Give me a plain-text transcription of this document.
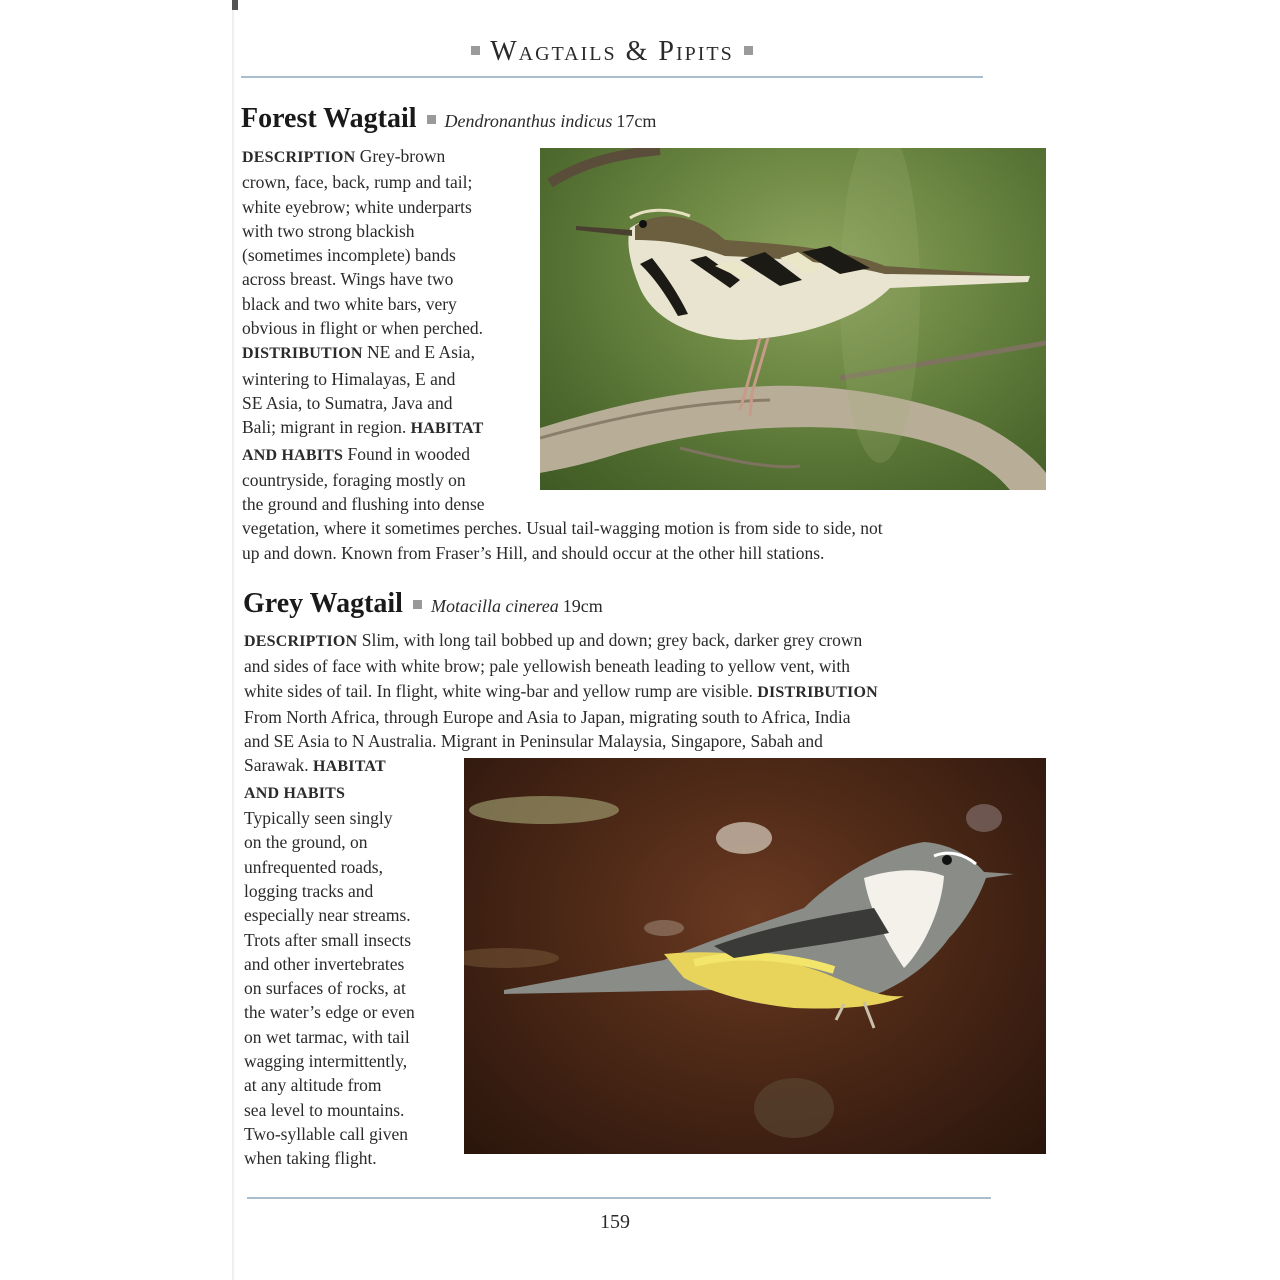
Wagtails & Pipits
Forest Wagtail Dendronanthus indicus 17cm
DESCRIPTION Grey-brown
crown, face, back, rump and tail;
white eyebrow; white underparts
with two strong blackish
(sometimes incomplete) bands
across breast. Wings have two
black and two white bars, very
obvious in flight or when perched.
DISTRIBUTION NE and E Asia,
wintering to Himalayas, E and
SE Asia, to Sumatra, Java and
Bali; migrant in region. HABITAT
AND HABITS Found in wooded
countryside, foraging mostly on
the ground and flushing into dense
vegetation, where it sometimes perches. Usual tail-wagging motion is from side to side, not
up and down. Known from Fraser’s Hill, and should occur at the other hill stations.
Grey Wagtail Motacilla cinerea 19cm
DESCRIPTION Slim, with long tail bobbed up and down; grey back, darker grey crown
and sides of face with white brow; pale yellowish beneath leading to yellow vent, with
white sides of tail. In flight, white wing-bar and yellow rump are visible. DISTRIBUTION
From North Africa, through Europe and Asia to Japan, migrating south to Africa, India
and SE Asia to N Australia. Migrant in Peninsular Malaysia, Singapore, Sabah and
Sarawak. HABITAT
AND HABITS
Typically seen singly
on the ground, on
unfrequented roads,
logging tracks and
especially near streams.
Trots after small insects
and other invertebrates
on surfaces of rocks, at
the water’s edge or even
on wet tarmac, with tail
wagging intermittently,
at any altitude from
sea level to mountains.
Two-syllable call given
when taking flight.
159
